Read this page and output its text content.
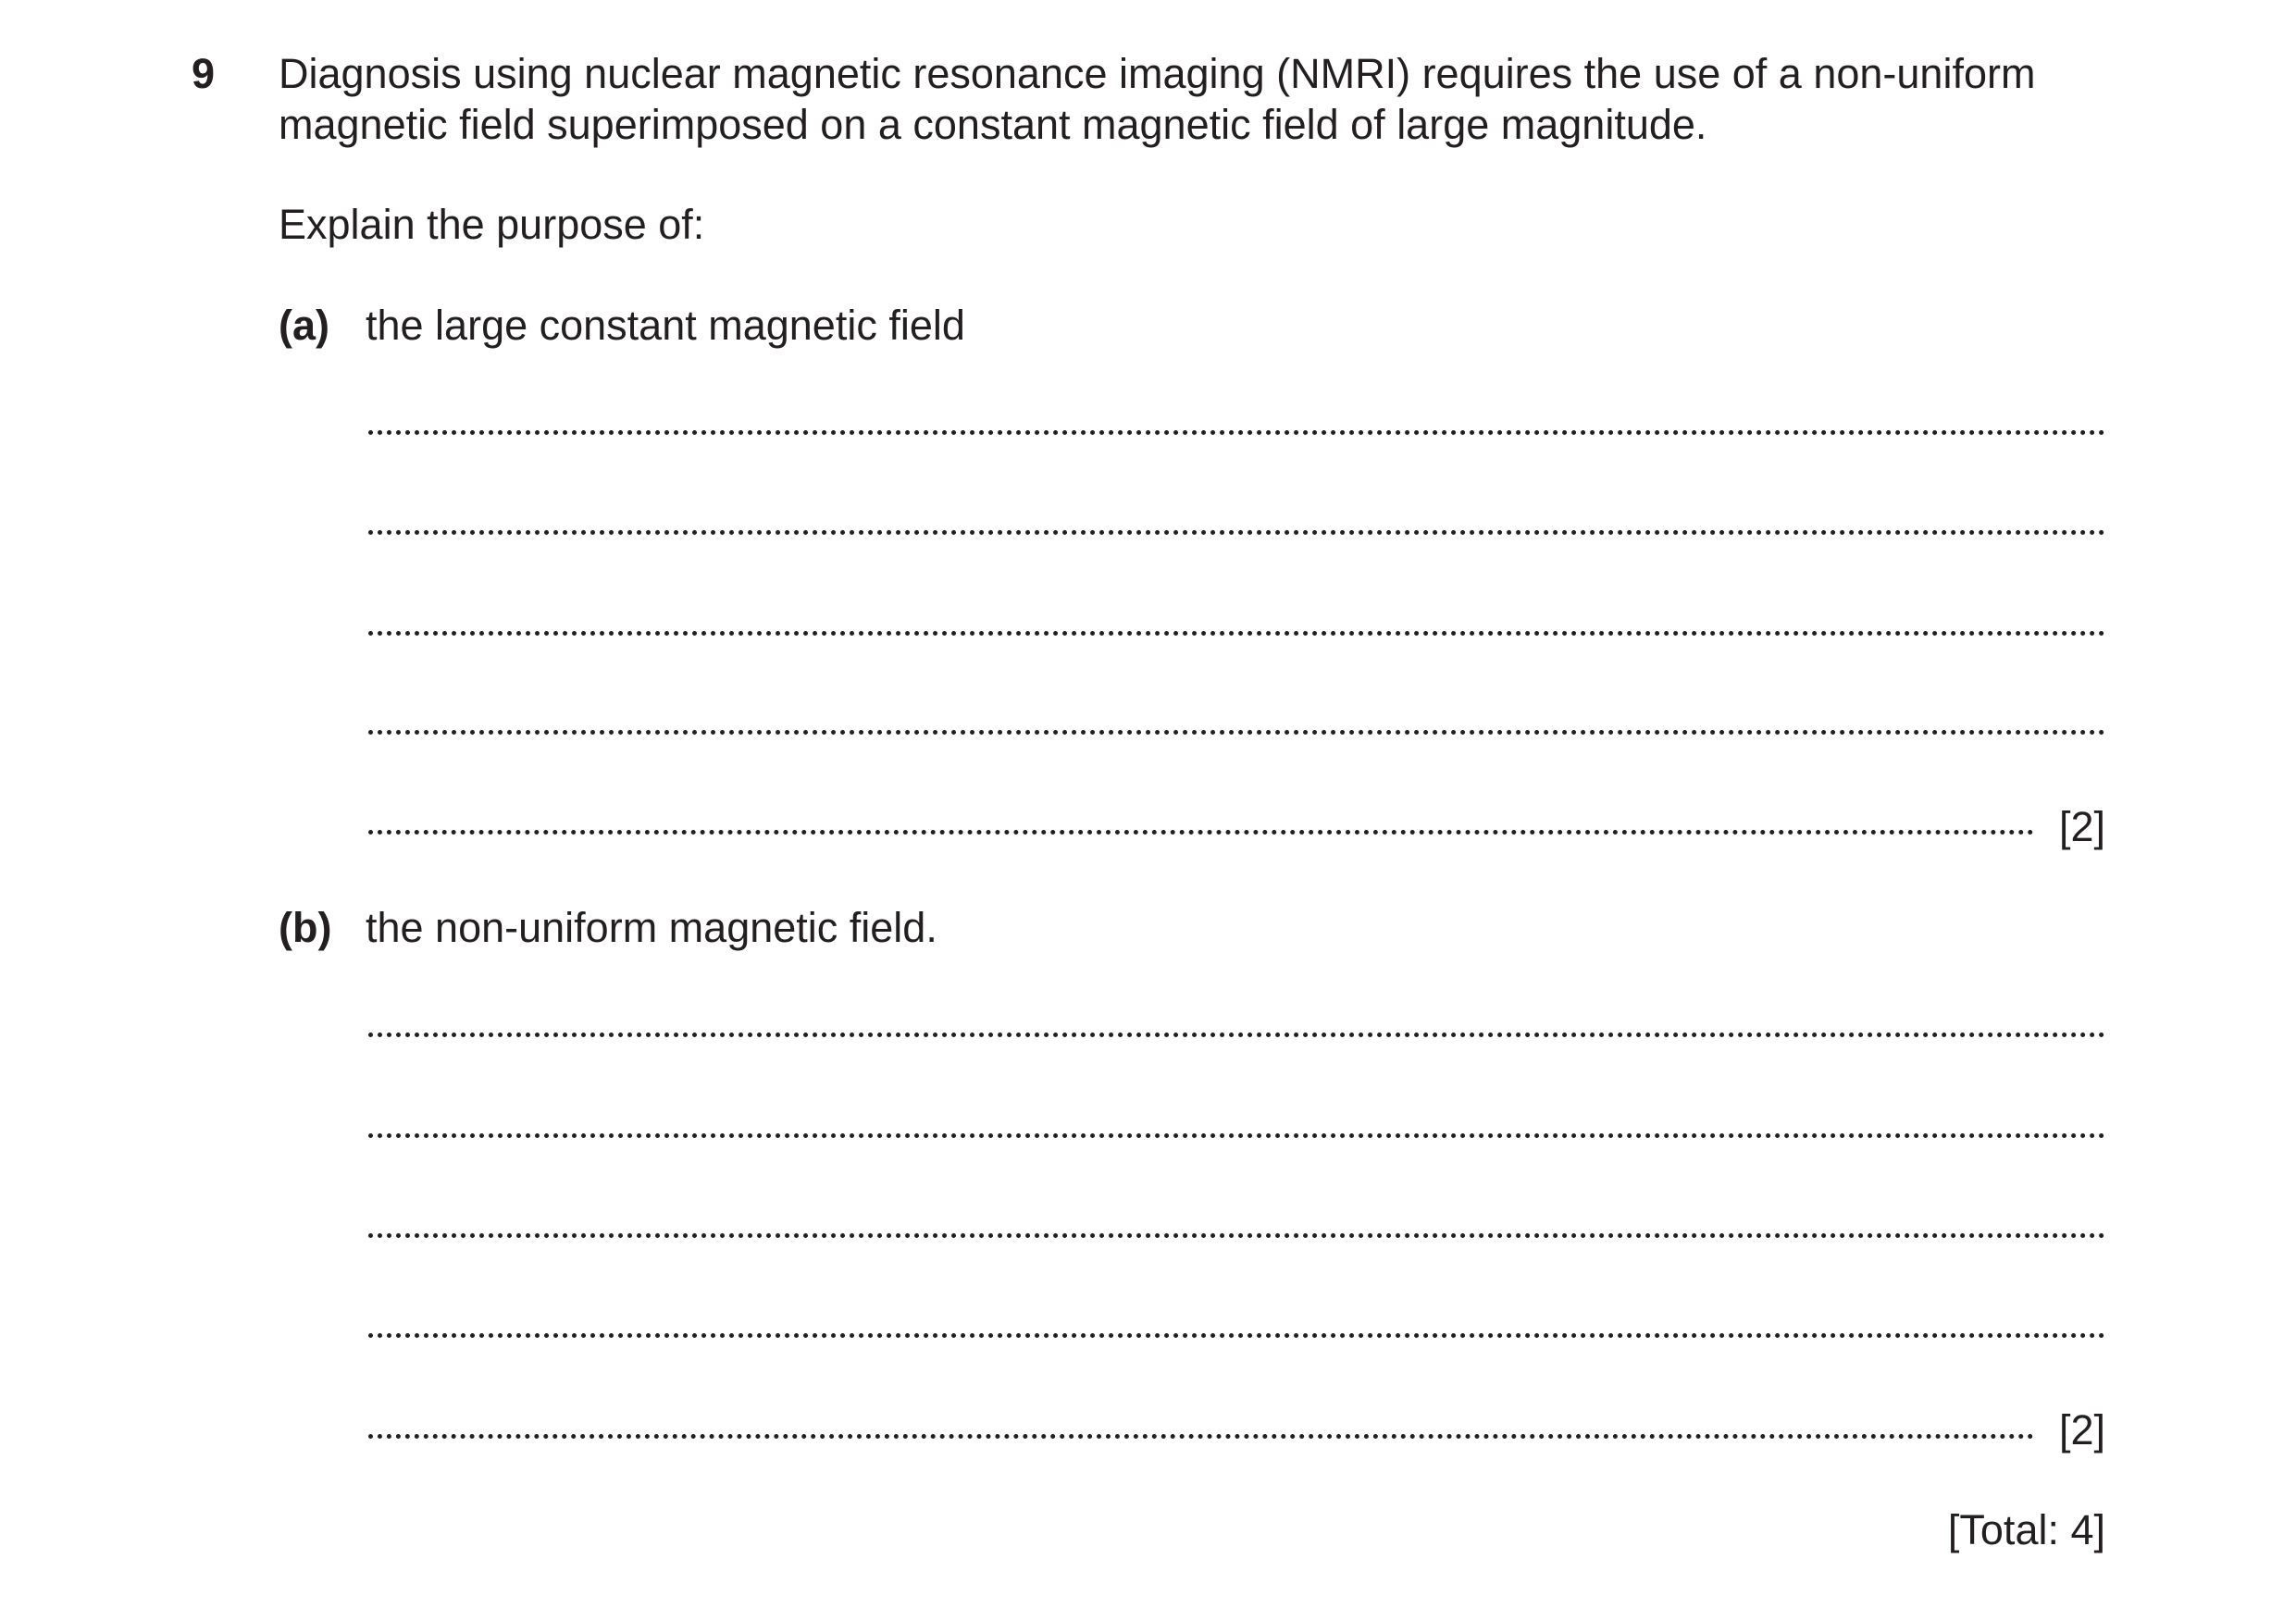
9 Diagnosis using nuclear magnetic resonance imaging (NMRI) requires the use of a non-uniform
magnetic field superimposed on a constant magnetic field of large magnitude.
Explain the purpose of:
(a) the large constant magnetic field
[2]
(b) the non-uniform magnetic field.
[2]
[Total: 4]
